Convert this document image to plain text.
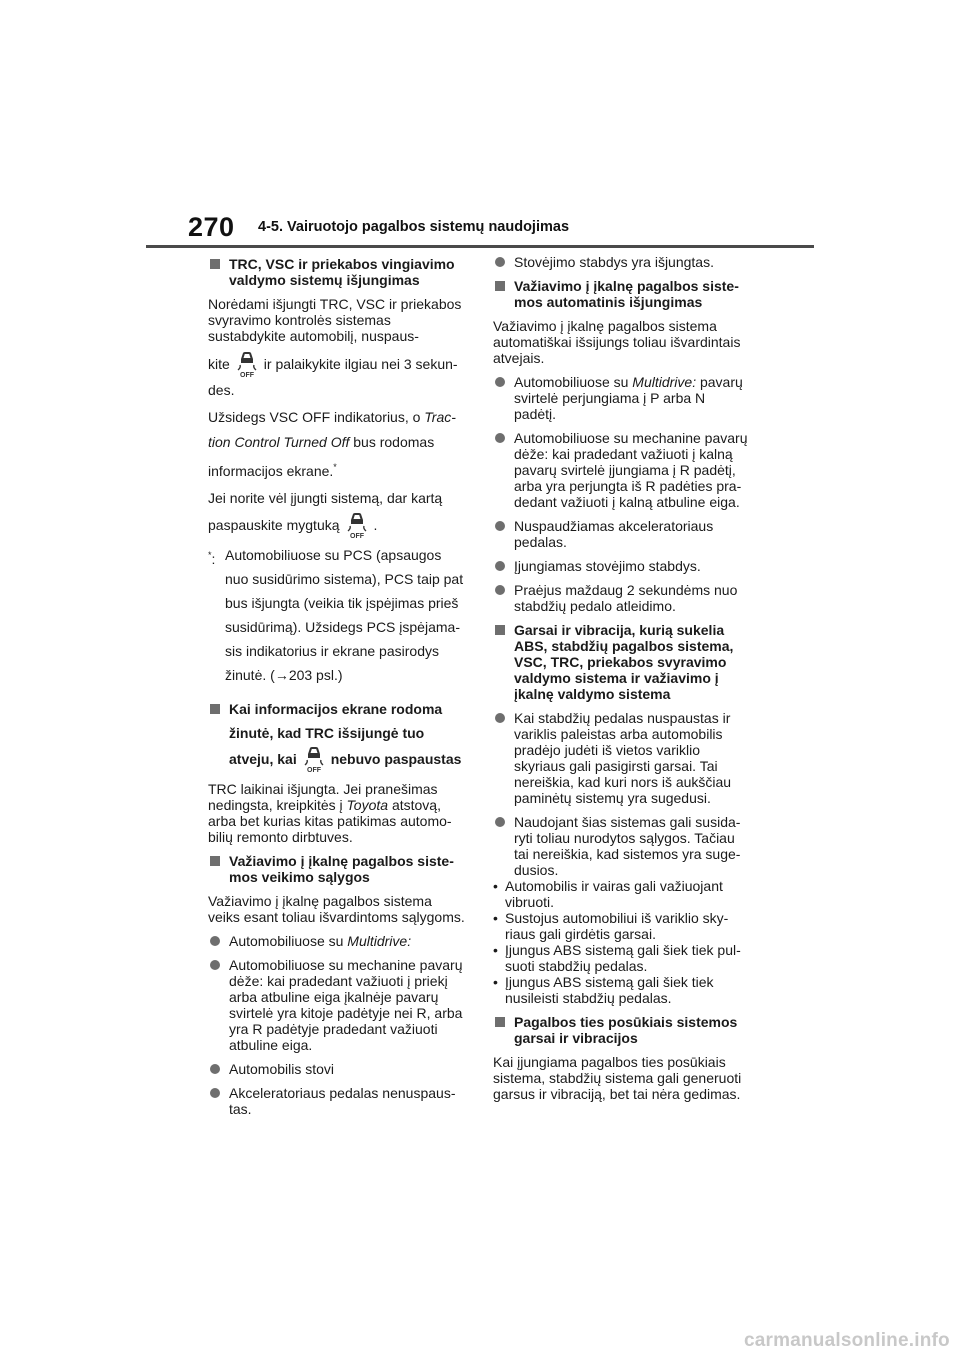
270 4-5. Vairuotojo pagalbos sistemų naudojimas
TRC, VSC ir priekabos vingiavimo valdymo sistemų išjungimas
Norėdami išjungti TRC, VSC ir priekabos svyravimo kontrolės sistemas sustabdykite automobilį, nuspaus-
kite
OFF
ir palaikykite ilgiau nei 3 sekundes.
Užsidegs VSC OFF indikatorius, o Traction Control Turned Off bus rodomas informacijos ekrane.*
Jei norite vėl įjungti sistemą, dar kartą paspauskite mygtuką
OFF
.
*: Automobiliuose su PCS (apsaugos nuo susidūrimo sistema), PCS taip pat bus išjungta (veikia tik įspėjimas prieš susidūrimą). Užsidegs PCS įspėjamasis indikatorius ir ekrane pasirodys žinutė. (→203 psl.)
Kai informacijos ekrane rodoma žinutė, kad TRC išsijungė tuo atveju, kai
OFF
nebuvo paspaustas
TRC laikinai išjungta. Jei pranešimas nedingsta, kreipkitės į Toyota atstovą, arba bet kurias kitas patikimas automobilių remonto dirbtuves.
Važiavimo į įkalnę pagalbos sistemos veikimo sąlygos
Važiavimo į įkalnę pagalbos sistema veiks esant toliau išvardintoms sąlygoms.
Automobiliuose su Multidrive:
Automobiliuose su mechanine pavarų dėže: kai pradedant važiuoti į priekį arba atbuline eiga įkalnėje pavarų svirtelė yra kitoje padėtyje nei R, arba yra R padėtyje pradedant važiuoti atbuline eiga.
Automobilis stovi
Akceleratoriaus pedalas nenuspaustas.
Stovėjimo stabdys yra išjungtas.
Važiavimo į įkalnę pagalbos sistemos automatinis išjungimas
Važiavimo į įkalnę pagalbos sistema automatiškai išsijungs toliau išvardintais atvejais.
Automobiliuose su Multidrive: pavarų svirtelė perjungiama į P arba N padėtį.
Automobiliuose su mechanine pavarų dėže: kai pradedant važiuoti į kalną pavarų svirtelė įjungiama į R padėtį, arba yra perjungta iš R padėties pradedant važiuoti į kalną atbuline eiga.
Nuspaudžiamas akceleratoriaus pedalas.
Įjungiamas stovėjimo stabdys.
Praėjus maždaug 2 sekundėms nuo stabdžių pedalo atleidimo.
Garsai ir vibracija, kurią sukelia ABS, stabdžių pagalbos sistema, VSC, TRC, priekabos svyravimo valdymo sistema ir važiavimo į įkalnę valdymo sistema
Kai stabdžių pedalas nuspaustas ir variklis paleistas arba automobilis pradėjo judėti iš vietos variklio skyriaus gali pasigirsti garsai. Tai nereiškia, kad kuri nors iš aukščiau paminėtų sistemų yra sugedusi.
Naudojant šias sistemas gali susidaryti toliau nurodytos sąlygos. Tačiau tai nereiškia, kad sistemos yra sugedusios.
• Automobilis ir vairas gali važiuojant vibruoti.
• Sustojus automobiliui iš variklio skyriaus gali girdėtis garsai.
• Įjungus ABS sistemą gali šiek tiek pulsuoti stabdžių pedalas.
• Įjungus ABS sistemą gali šiek tiek nusileisti stabdžių pedalas.
Pagalbos ties posūkiais sistemos garsai ir vibracijos
Kai įjungiama pagalbos ties posūkiais sistema, stabdžių sistema gali generuoti garsus ir vibraciją, bet tai nėra gedimas.
carmanualsonline.info
